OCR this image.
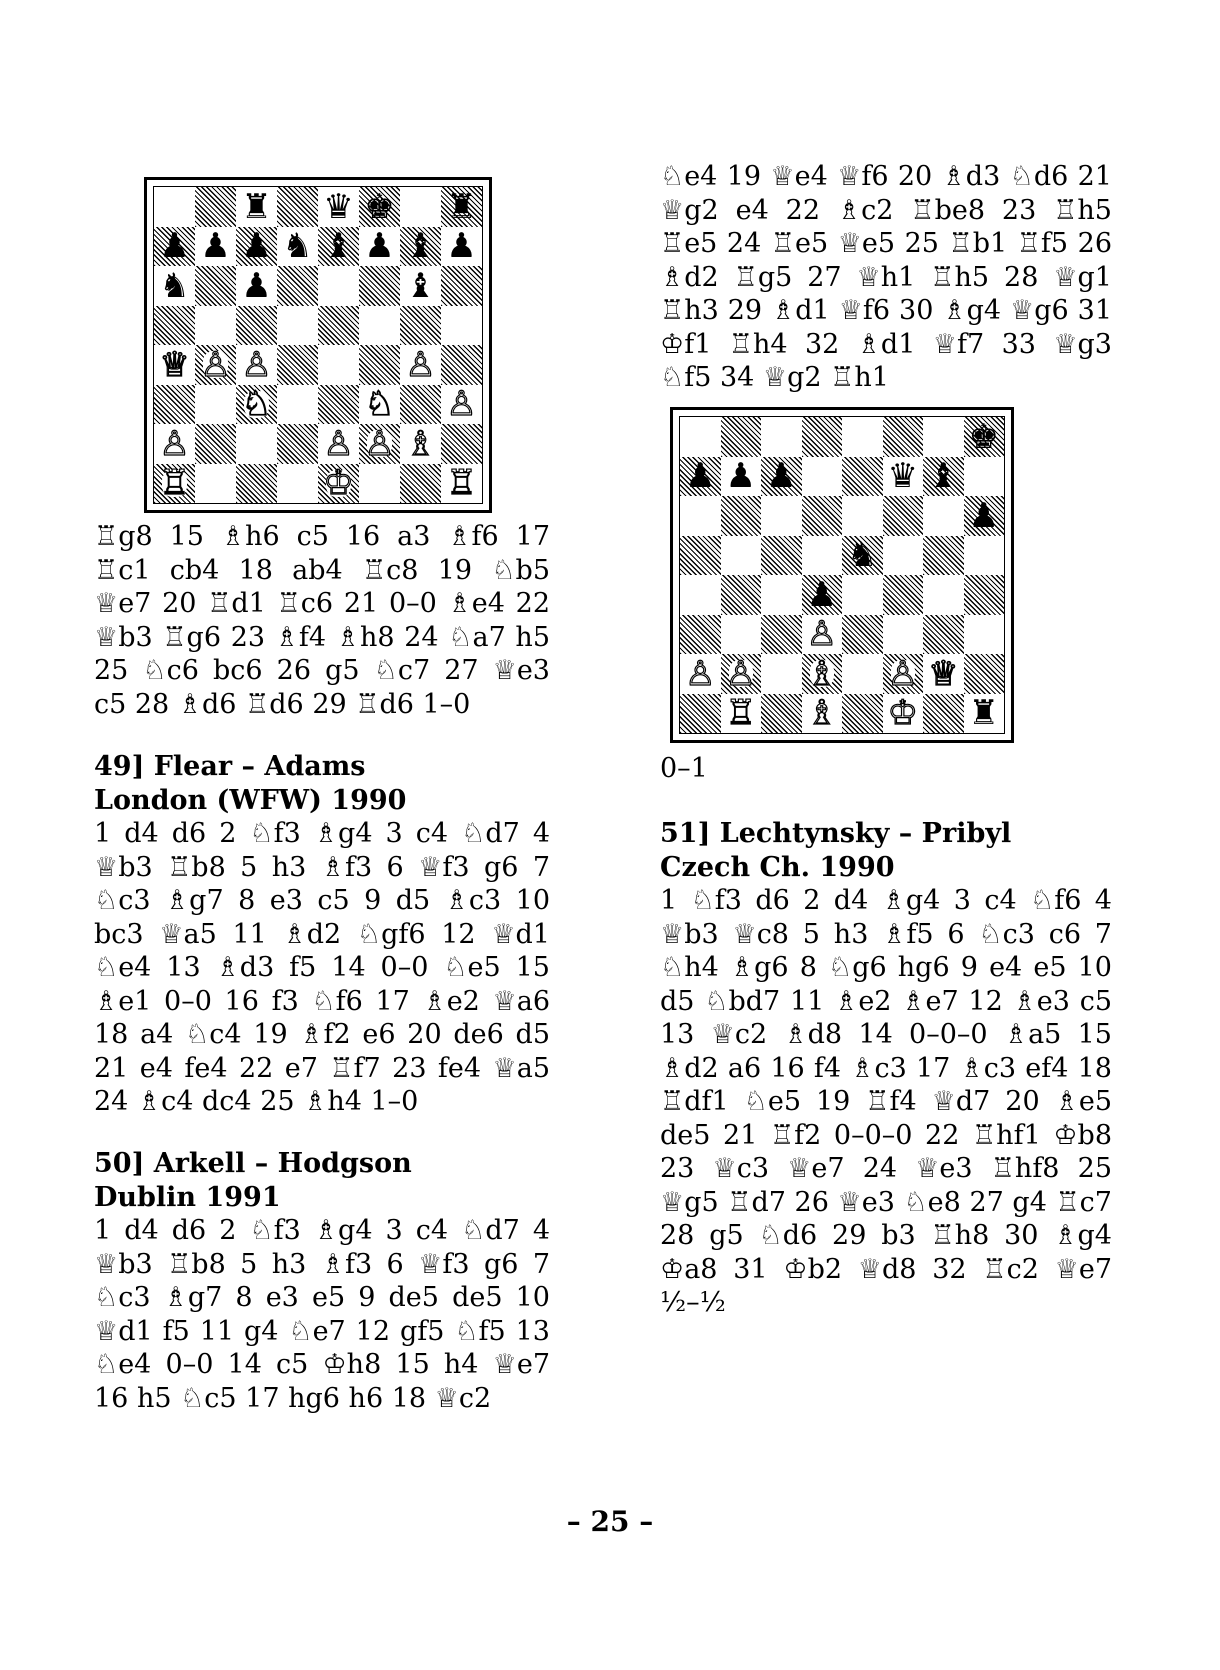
♜ ♛ ♚ ♜
♟ ♟ ♟ ♞ ♝ ♟ ♝ ♟
♞ ♟	♝
♕ ♙ ♙	♙
♘	♘ ♙
♙	♙ ♙ ♗
♖	♔	♖

♖g8 15 ♗h6 c5 16 a3 ♗f6 17 ♖c1 cb4 18 ab4 ♖c8 19 ♘b5 ♕e7 20 ♖d1 ♖c6 21 0–0 ♗e4 22 ♕b3 ♖g6 23 ♗f4 ♗h8 24 ♘a7 h5 25 ♘c6 bc6 26 g5 ♘c7 27 ♕e3 c5 28 ♗d6 ♖d6 29 ♖d6 1–0

49] Flear – Adams
London (WFW) 1990

1 d4 d6 2 ♘f3 ♗g4 3 c4 ♘d7 4 ♕b3 ♖b8 5 h3 ♗f3 6 ♕f3 g6 7 ♘c3 ♗g7 8 e3 c5 9 d5 ♗c3 10 bc3 ♕a5 11 ♗d2 ♘gf6 12 ♕d1 ♘e4 13 ♗d3 f5 14 0–0 ♘e5 15 ♗e1 0–0 16 f3 ♘f6 17 ♗e2 ♕a6 18 a4 ♘c4 19 ♗f2 e6 20 de6 d5 21 e4 fe4 22 e7 ♖f7 23 fe4 ♕a5 24 ♗c4 dc4 25 ♗h4 1–0

50] Arkell – Hodgson
Dublin 1991

1 d4 d6 2 ♘f3 ♗g4 3 c4 ♘d7 4 ♕b3 ♖b8 5 h3 ♗f3 6 ♕f3 g6 7 ♘c3 ♗g7 8 e3 e5 9 de5 de5 10 ♕d1 f5 11 g4 ♘e7 12 gf5 ♘f5 13 ♘e4 0–0 14 c5 ♔h8 15 h4 ♕e7 16 h5 ♘c5 17 hg6 h6 18 ♕c2

♘e4 19 ♕e4 ♕f6 20 ♗d3 ♘d6 21 ♕g2 e4 22 ♗c2 ♖be8 23 ♖h5 ♖e5 24 ♖e5 ♕e5 25 ♖b1 ♖f5 26 ♗d2 ♖g5 27 ♕h1 ♖h5 28 ♕g1 ♖h3 29 ♗d1 ♕f6 30 ♗g4 ♕g6 31 ♔f1 ♖h4 32 ♗d1 ♕f7 33 ♕g3 ♘f5 34 ♕g2 ♖h1

♚
♟ ♟ ♟	♛ ♝
♟
♞
♟
♙
♙ ♙ ♗ ♙ ♕
♖ ♗ ♔ ♜
0–1
51] Lechtynsky – Pribyl
Czech Ch. 1990

1 ♘f3 d6 2 d4 ♗g4 3 c4 ♘f6 4 ♕b3 ♕c8 5 h3 ♗f5 6 ♘c3 c6 7 ♘h4 ♗g6 8 ♘g6 hg6 9 e4 e5 10 d5 ♘bd7 11 ♗e2 ♗e7 12 ♗e3 c5 13 ♕c2 ♗d8 14 0–0–0 ♗a5 15 ♗d2 a6 16 f4 ♗c3 17 ♗c3 ef4 18 ♖df1 ♘e5 19 ♖f4 ♕d7 20 ♗e5 de5 21 ♖f2 0–0–0 22 ♖hf1 ♔b8 23 ♕c3 ♕e7 24 ♕e3 ♖hf8 25 ♕g5 ♖d7 26 ♕e3 ♘e8 27 g4 ♖c7 28 g5 ♘d6 29 b3 ♖h8 30 ♗g4 ♔a8 31 ♔b2 ♕d8 32 ♖c2 ♕e7 ½–½

– 25 –
